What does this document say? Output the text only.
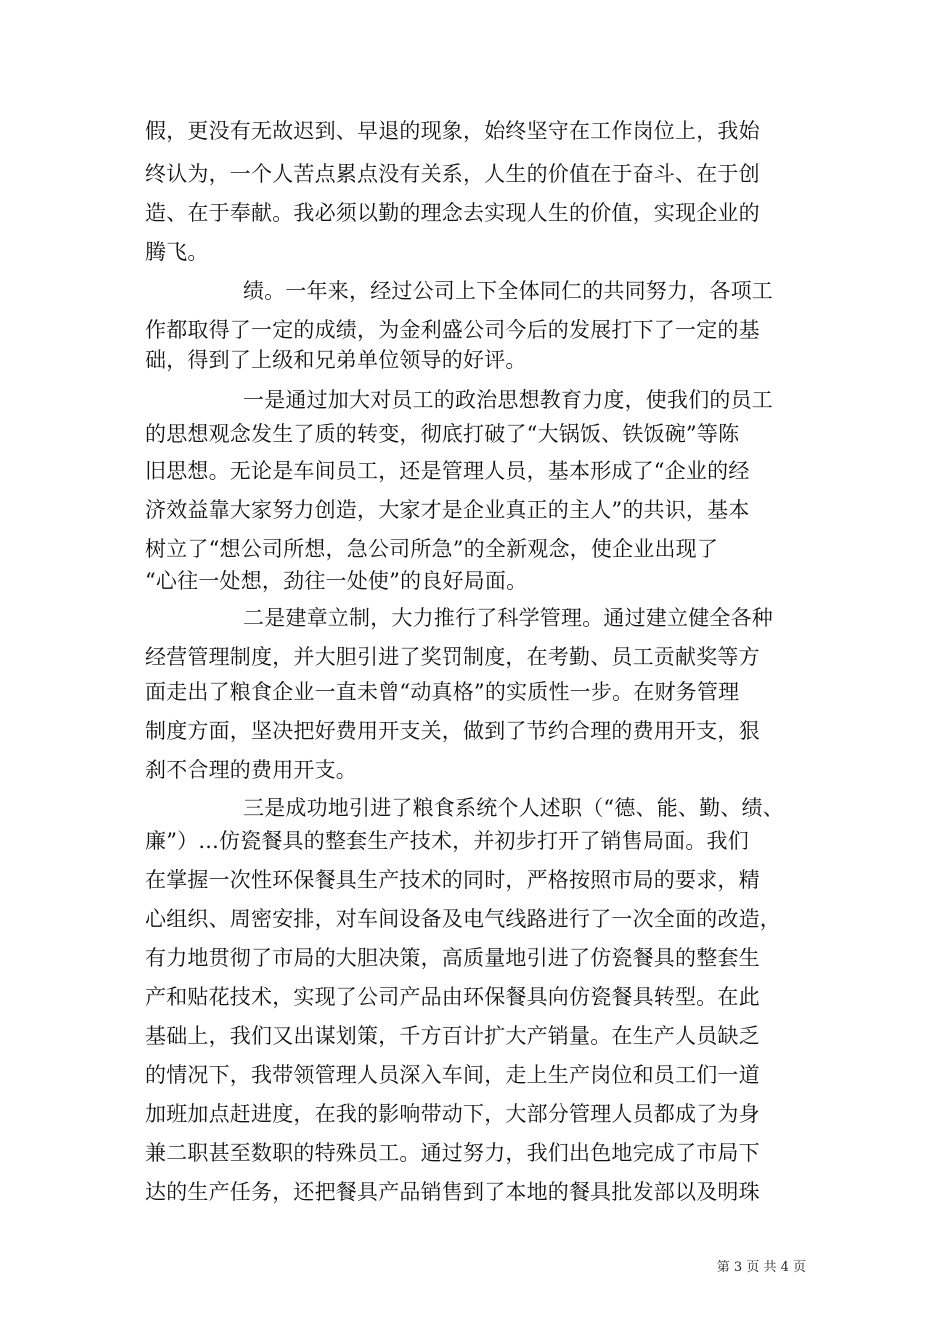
假，更没有无故迟到、早退的现象，始终坚守在工作岗位上，我始
终认为，一个人苦点累点没有关系，人生的价值在于奋斗、在于创
造、在于奉献。我必须以勤的理念去实现人生的价值，实现企业的
腾飞。
绩。一年来，经过公司上下全体同仁的共同努力，各项工
作都取得了一定的成绩，为金利盛公司今后的发展打下了一定的基
础，得到了上级和兄弟单位领导的好评。
一是通过加大对员工的政治思想教育力度，使我们的员工
的思想观念发生了质的转变，彻底打破了“大锅饭、铁饭碗”等陈
旧思想。无论是车间员工，还是管理人员，基本形成了“企业的经
济效益靠大家努力创造，大家才是企业真正的主人”的共识，基本
树立了“想公司所想，急公司所急”的全新观念，使企业出现了
“心往一处想，劲往一处使”的良好局面。
二是建章立制，大力推行了科学管理。通过建立健全各种
经营管理制度，并大胆引进了奖罚制度，在考勤、员工贡献奖等方
面走出了粮食企业一直未曾“动真格”的实质性一步。在财务管理
制度方面，坚决把好费用开支关，做到了节约合理的费用开支，狠
刹不合理的费用开支。
三是成功地引进了粮食系统个人述职（“德、能、勤、绩、
廉”）...仿瓷餐具的整套生产技术，并初步打开了销售局面。我们
在掌握一次性环保餐具生产技术的同时，严格按照市局的要求，精
心组织、周密安排，对车间设备及电气线路进行了一次全面的改造，
有力地贯彻了市局的大胆决策，高质量地引进了仿瓷餐具的整套生
产和贴花技术，实现了公司产品由环保餐具向仿瓷餐具转型。在此
基础上，我们又出谋划策，千方百计扩大产销量。在生产人员缺乏
的情况下，我带领管理人员深入车间，走上生产岗位和员工们一道
加班加点赶进度，在我的影响带动下，大部分管理人员都成了为身
兼二职甚至数职的特殊员工。通过努力，我们出色地完成了市局下
达的生产任务，还把餐具产品销售到了本地的餐具批发部以及明珠
第 3 页 共 4 页
